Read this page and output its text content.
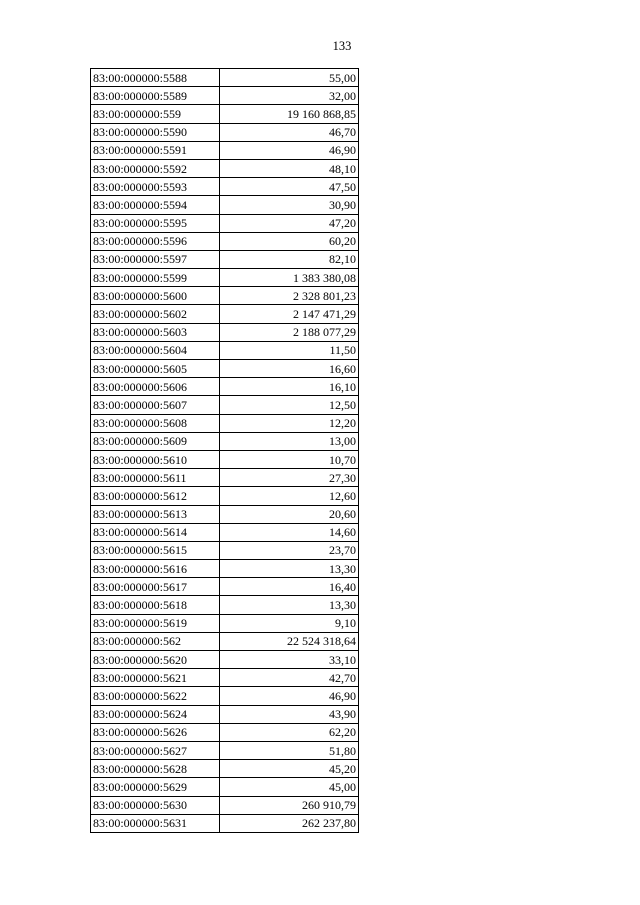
133
83:00:000000:5588	55,00
83:00:000000:5589	32,00
83:00:000000:559	19 160 868,85
83:00:000000:5590	46,70
83:00:000000:5591	46,90
83:00:000000:5592	48,10
83:00:000000:5593	47,50
83:00:000000:5594	30,90
83:00:000000:5595	47,20
83:00:000000:5596	60,20
83:00:000000:5597	82,10
83:00:000000:5599	1 383 380,08
83:00:000000:5600	2 328 801,23
83:00:000000:5602	2 147 471,29
83:00:000000:5603	2 188 077,29
83:00:000000:5604	11,50
83:00:000000:5605	16,60
83:00:000000:5606	16,10
83:00:000000:5607	12,50
83:00:000000:5608	12,20
83:00:000000:5609	13,00
83:00:000000:5610	10,70
83:00:000000:5611	27,30
83:00:000000:5612	12,60
83:00:000000:5613	20,60
83:00:000000:5614	14,60
83:00:000000:5615	23,70
83:00:000000:5616	13,30
83:00:000000:5617	16,40
83:00:000000:5618	13,30
83:00:000000:5619	9,10
83:00:000000:562	22 524 318,64
83:00:000000:5620	33,10
83:00:000000:5621	42,70
83:00:000000:5622	46,90
83:00:000000:5624	43,90
83:00:000000:5626	62,20
83:00:000000:5627	51,80
83:00:000000:5628	45,20
83:00:000000:5629	45,00
83:00:000000:5630	260 910,79
83:00:000000:5631	262 237,80
